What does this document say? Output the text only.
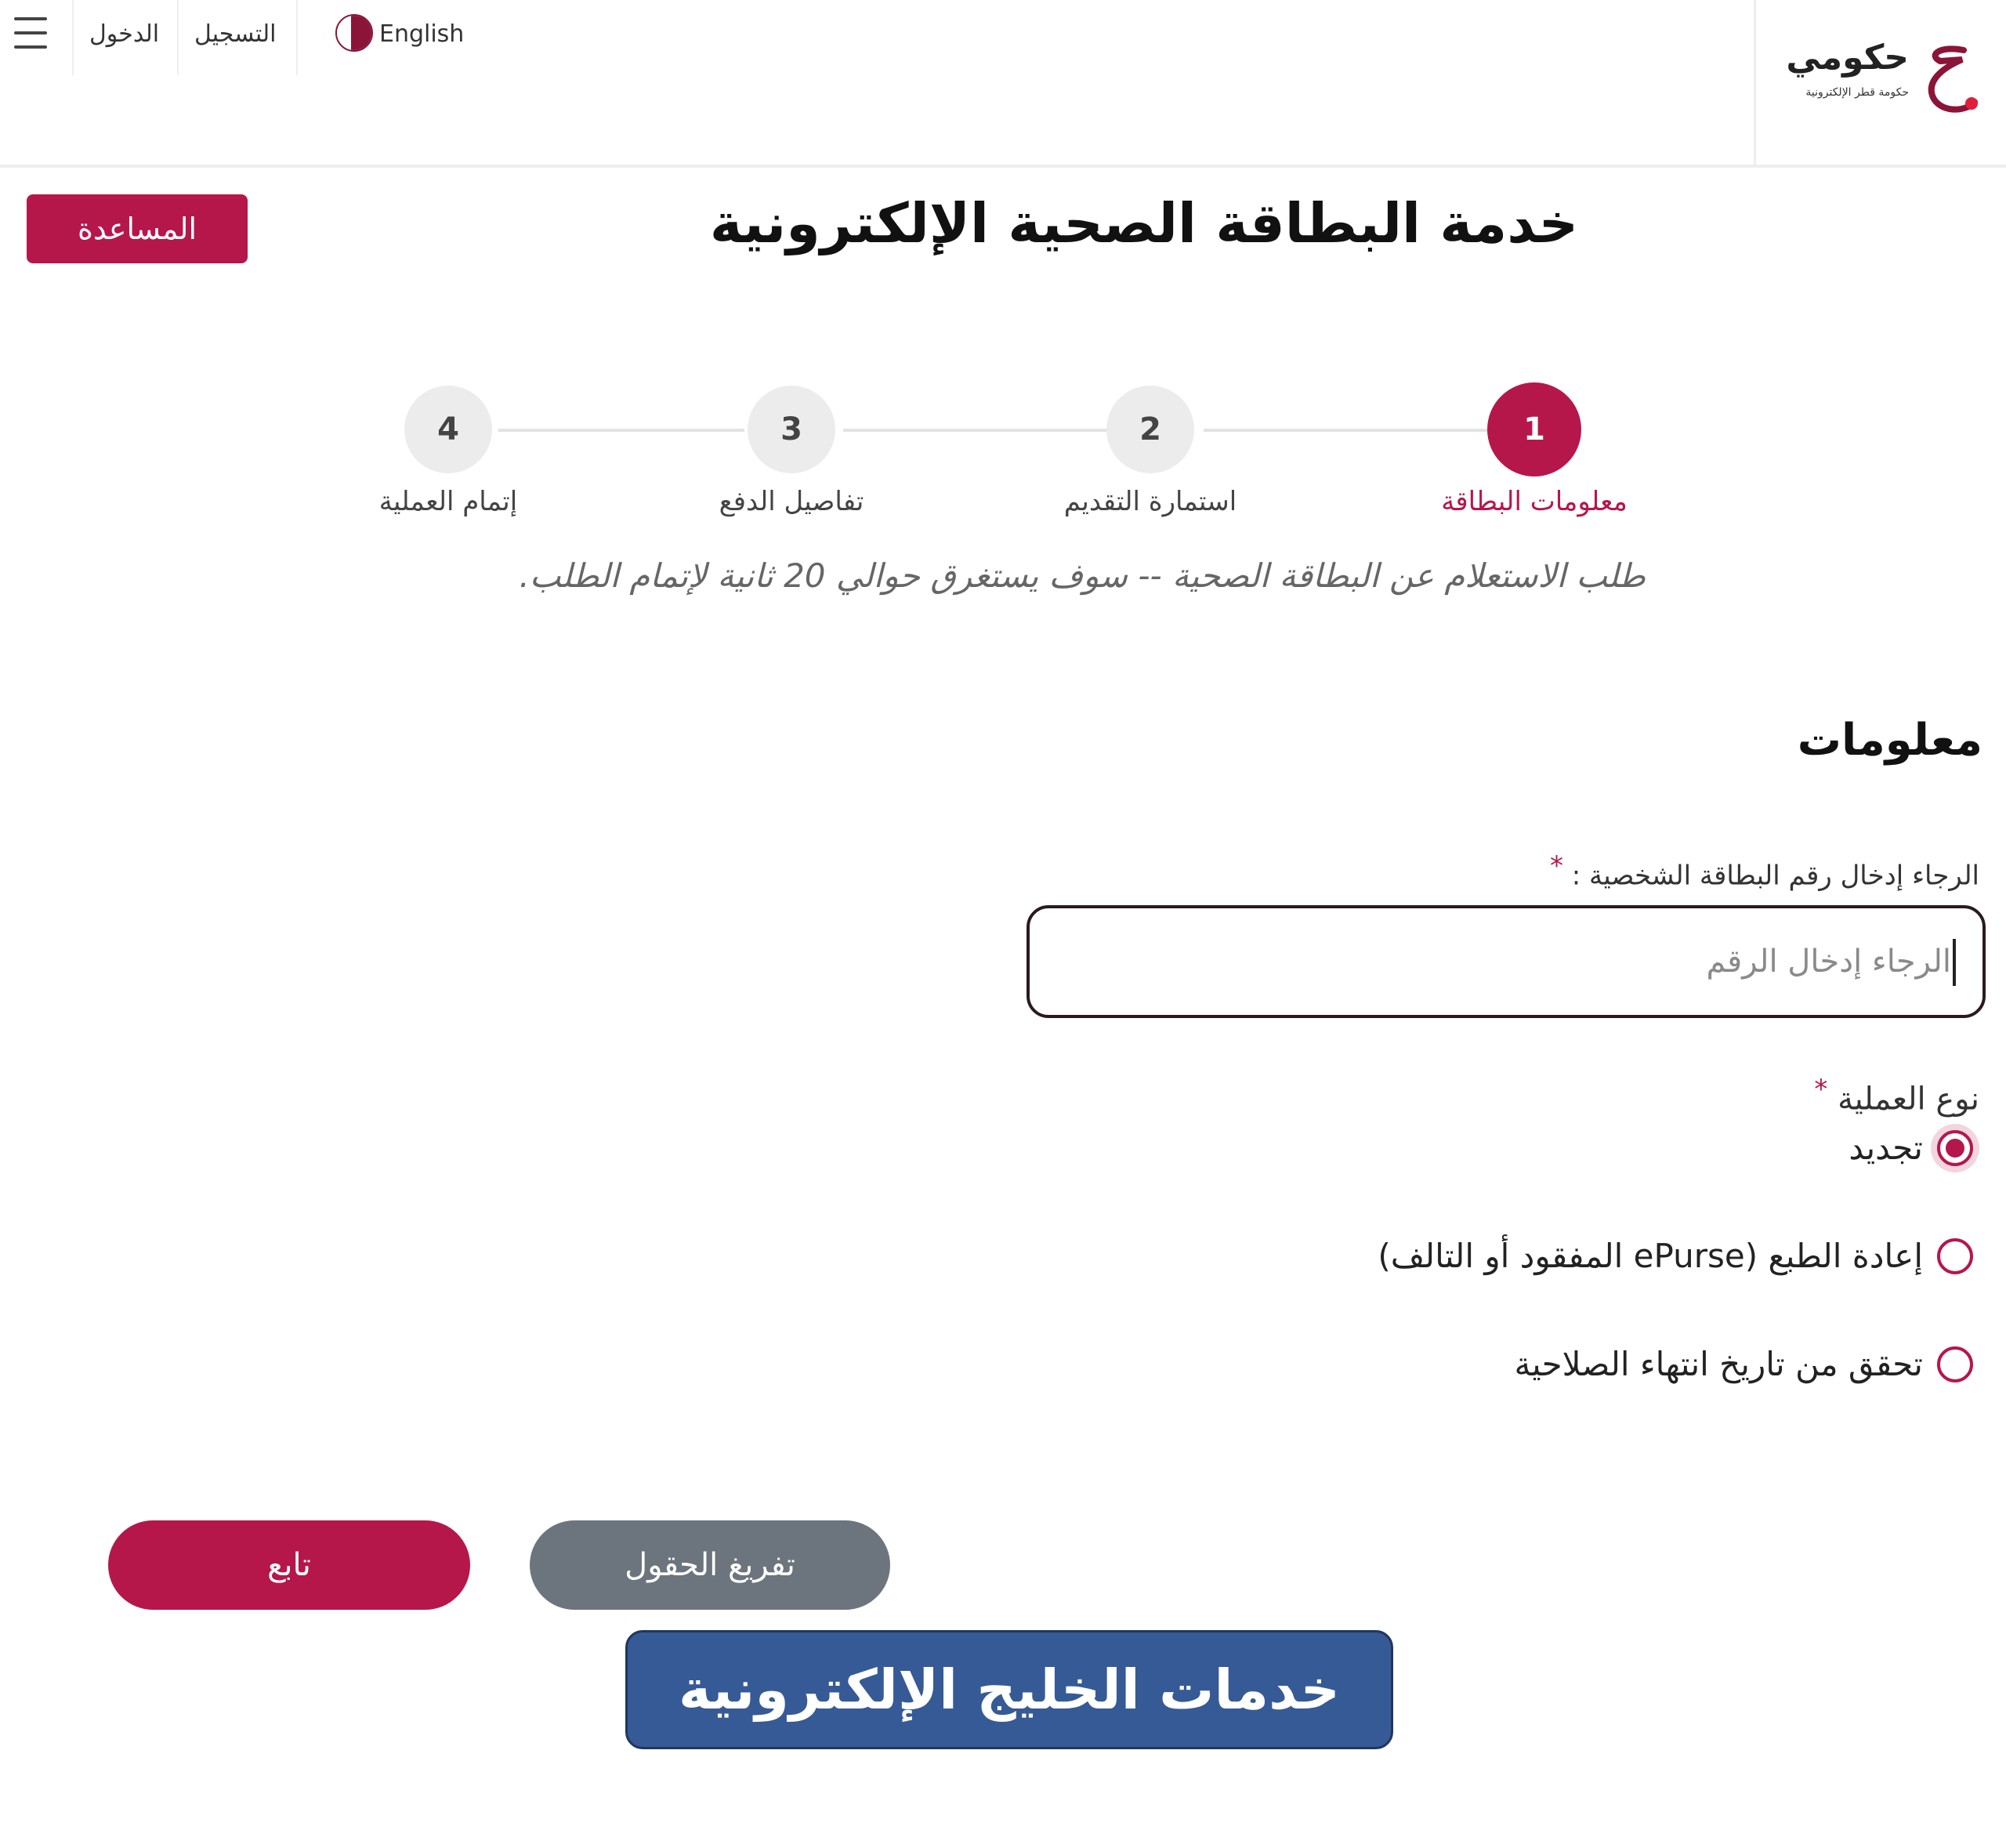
الدخول التسجيل	English
حكومي
حكومة قطر الإلكترونية
المساعدة	خدمة البطاقة الصحية الإلكترونية
1
2
3
4
معلومات البطاقة
استمارة التقديم
تفاصيل الدفع
إتمام العملية
طلب الاستعلام عن البطاقة الصحية -- سوف يستغرق حوالي 20 ثانية لإتمام الطلب.
معلومات
الرجاء إدخال رقم البطاقة الشخصية : *
الرجاء إدخال الرقم
نوع العملية *
تجديد
إعادة الطبع (ePurse المفقود أو التالف)
تحقق من تاريخ انتهاء الصلاحية
تابع	تفريغ الحقول
خدمات الخليج الإلكترونية
